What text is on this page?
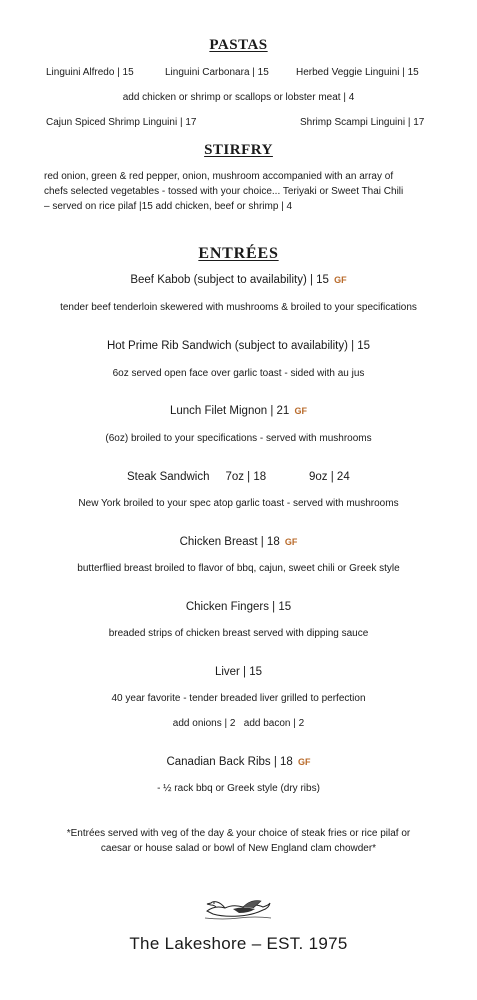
PASTAS
Linguini Alfredo | 15	Linguini Carbonara | 15	Herbed Veggie Linguini | 15
add chicken or shrimp or scallops or lobster meat | 4
Cajun Spiced Shrimp Linguini | 17	Shrimp Scampi Linguini | 17
STIRFRY
red onion, green & red pepper, onion, mushroom accompanied with an array of
chefs selected vegetables - tossed with your choice... Teriyaki or Sweet Thai Chili
– served on rice pilaf |15 add chicken, beef or shrimp | 4
ENTRÉES
Beef Kabob (subject to availability) | 15 GF
tender beef tenderloin skewered with mushrooms & broiled to your specifications
Hot Prime Rib Sandwich (subject to availability) | 15
6oz served open face over garlic toast - sided with au jus
Lunch Filet Mignon | 21 GF
(6oz) broiled to your specifications - served with mushrooms
Steak Sandwich     7oz | 18	9oz | 24
New York broiled to your spec atop garlic toast - served with mushrooms
Chicken Breast | 18 GF
butterflied breast broiled to flavor of bbq, cajun, sweet chili or Greek style
Chicken Fingers | 15
breaded strips of chicken breast served with dipping sauce
Liver | 15
40 year favorite - tender breaded liver grilled to perfection
add onions | 2   add bacon | 2
Canadian Back Ribs | 18 GF
- ½ rack bbq or Greek style (dry ribs)
*Entrées served with veg of the day & your choice of steak fries or rice pilaf or
caesar or house salad or bowl of New England clam chowder*
The Lakeshore – EST. 1975
